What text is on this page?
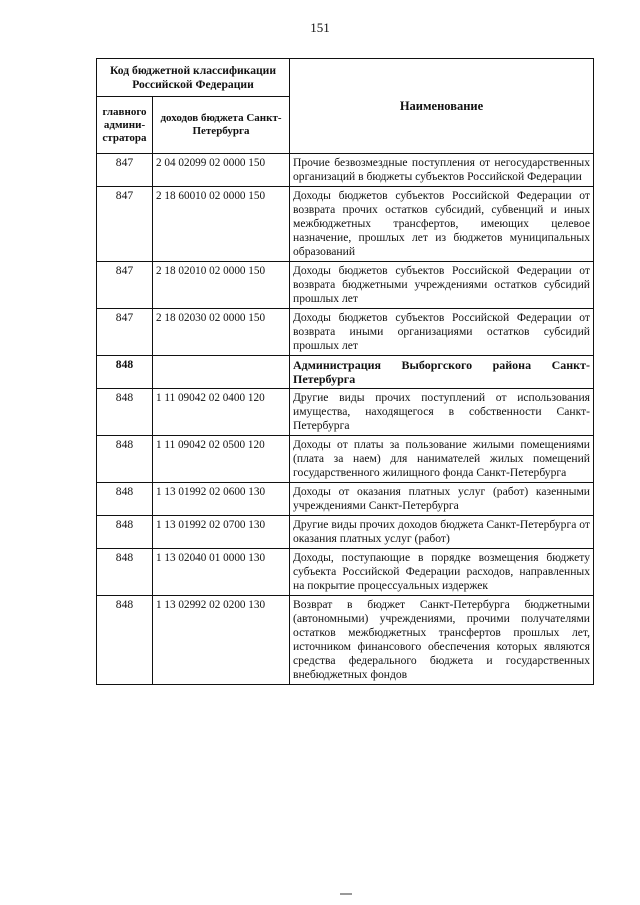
151
Код бюджетной классификации Российской Федерации		Наименование
главного админи-стратора	доходов бюджета Санкт-Петербурга	
847	2 04 02099 02 0000 150	Прочие безвозмездные поступления от негосударственных организаций в бюджеты субъектов Российской Федерации
847	2 18 60010 02 0000 150	Доходы бюджетов субъектов Российской Федерации от возврата прочих остатков субсидий, субвенций и иных межбюджетных трансфертов, имеющих целевое назначение, прошлых лет из бюджетов муниципальных образований
847	2 18 02010 02 0000 150	Доходы бюджетов субъектов Российской Федерации от возврата бюджетными учреждениями остатков субсидий прошлых лет
847	2 18 02030 02 0000 150	Доходы бюджетов субъектов Российской Федерации от возврата иными организациями остатков субсидий прошлых лет
848		Администрация Выборгского района Санкт-Петербурга
848	1 11 09042 02 0400 120	Другие виды прочих поступлений от использования имущества, находящегося в собственности Санкт-Петербурга
848	1 11 09042 02 0500 120	Доходы от платы за пользование жилыми помещениями (плата за наем) для нанимателей жилых помещений государственного жилищного фонда Санкт-Петербурга
848	1 13 01992 02 0600 130	Доходы от оказания платных услуг (работ) казенными учреждениями Санкт-Петербурга
848	1 13 01992 02 0700 130	Другие виды прочих доходов бюджета Санкт-Петербурга от оказания платных услуг (работ)
848	1 13 02040 01 0000 130	Доходы, поступающие в порядке возмещения бюджету субъекта Российской Федерации расходов, направленных на покрытие процессуальных издержек
848	1 13 02992 02 0200 130	Возврат в бюджет Санкт-Петербурга бюджетными (автономными) учреждениями, прочими получателями остатков межбюджетных трансфертов прошлых лет, источником финансового обеспечения которых являются средства федерального бюджета и государственных внебюджетных фондов
